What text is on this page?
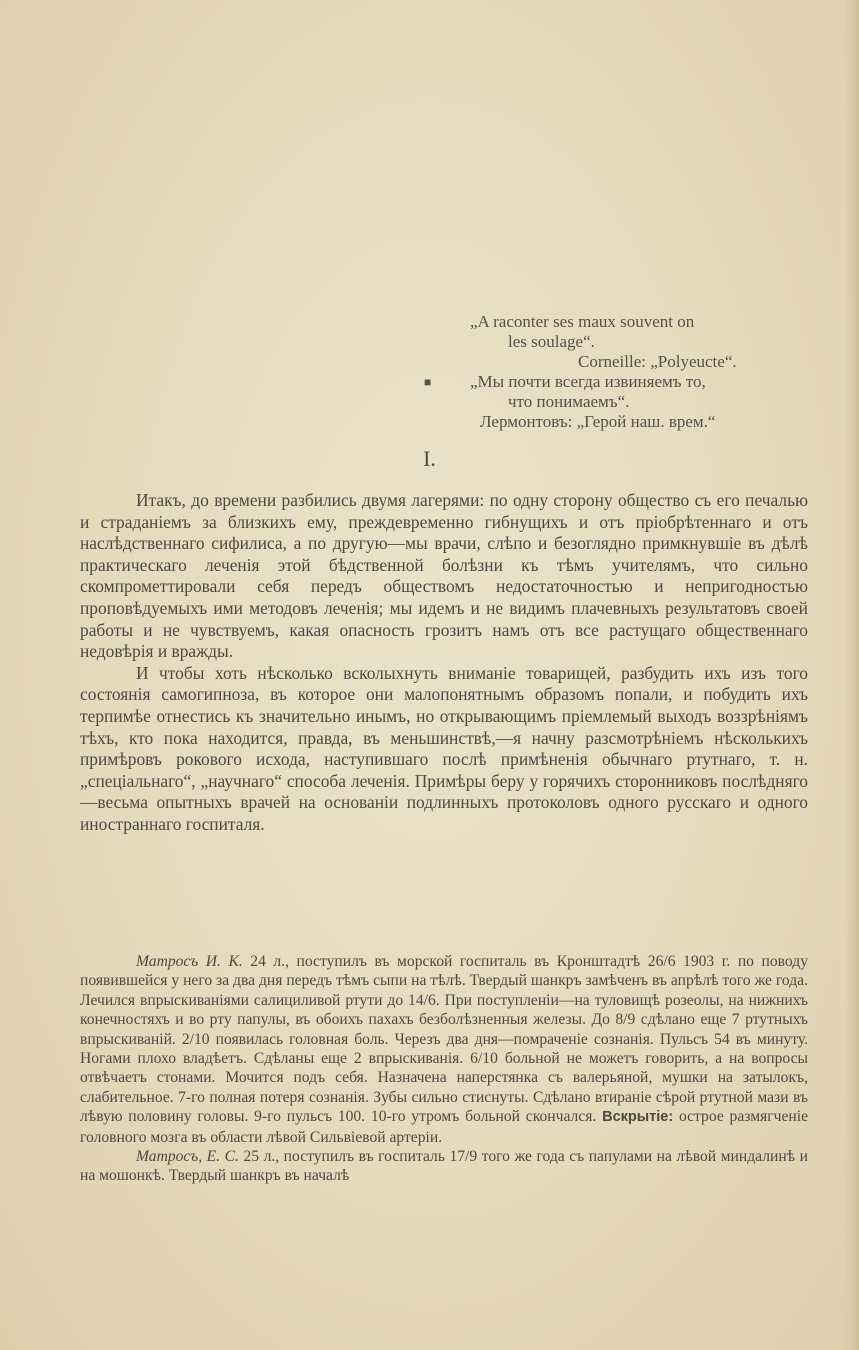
„A raconter ses maux souvent on
les soulage“.
Corneille: „Polyeucte“.
■ „Мы почти всегда извиняемъ то,
что понимаемъ“.
Лермонтовъ: „Герой наш. врем.“
I.

Итакъ, до времени разбились двумя лагерями: по одну сторону общество съ его печалью и страданіемъ за близкихъ ему, преждевременно гибнущихъ и отъ пріобрѣтеннаго и отъ наслѣдственнаго сифилиса, а по другую—мы врачи, слѣпо и безоглядно примкнувшіе въ дѣлѣ практическаго леченія этой бѣдственной болѣзни къ тѣмъ учителямъ, что сильно скомпрометтировали себя передъ обществомъ недостаточностью и непригодностью проповѣдуемыхъ ими методовъ леченія; мы идемъ и не видимъ плачевныхъ результатовъ своей работы и не чувствуемъ, какая опасность грозитъ намъ отъ все растущаго общественнаго недовѣрія и вражды.

И чтобы хоть нѣсколько всколыхнуть вниманіе товарищей, разбудить ихъ изъ того состоянія самогипноза, въ которое они малопонятнымъ образомъ попали, и побудить ихъ терпимѣе отнестись къ значительно инымъ, но открывающимъ пріемлемый выходъ воззрѣніямъ тѣхъ, кто пока находится, правда, въ меньшинствѣ,—я начну разсмотрѣніемъ нѣсколькихъ примѣровъ рокового исхода, наступившаго послѣ примѣненія обычнаго ртутнаго, т. н. „спеціальнаго“, „научнаго“ способа леченія. Примѣры беру у горячихъ сторонниковъ послѣдняго—весьма опытныхъ врачей на основаніи подлинныхъ протоколовъ одного русскаго и одного иностраннаго госпиталя.

Матросъ И. К. 24 л., поступилъ въ морской госпиталь въ Кронштадтѣ 26/6 1903 г. по поводу появившейся у него за два дня передъ тѣмъ сыпи на тѣлѣ. Твердый шанкръ замѣченъ въ апрѣлѣ того же года. Лечился впрыскиваніями салициливой ртути до 14/6. При поступленіи—на туловищѣ розеолы, на нижнихъ конечностяхъ и во рту папулы, въ обоихъ пахахъ безболѣзненныя железы. До 8/9 сдѣлано еще 7 ртутныхъ впрыскиваній. 2/10 появилась головная боль. Черезъ два дня—помраченіе сознанія. Пульсъ 54 въ минуту. Ногами плохо владѣетъ. Сдѣланы еще 2 впрыскиванія. 6/10 больной не можетъ говорить, а на вопросы отвѣчаетъ стонами. Мочится подъ себя. Назначена наперстянка съ валерьяной, мушки на затылокъ, слабительное. 7-го полная потеря сознанія. Зубы сильно стиснуты. Сдѣлано втираніе сѣрой ртутной мази въ лѣвую половину головы. 9-го пульсъ 100. 10-го утромъ больной скончался. Вскрытіе: острое размягченіе головного мозга въ области лѣвой Сильвіевой артеріи.

Матросъ, Е. С. 25 л., поступилъ въ госпиталь 17/9 того же года съ папулами на лѣвой миндалинѣ и на мошонкѣ. Твердый шанкръ въ началѣ
